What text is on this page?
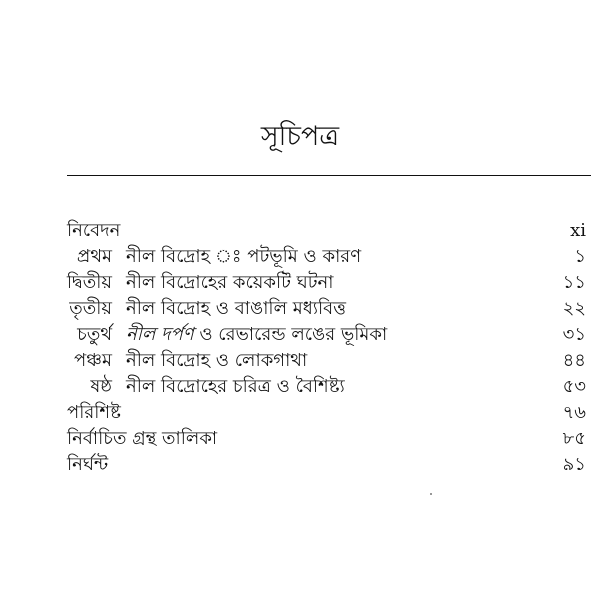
সূচিপত্র
নিবেদন	xi
প্রথম নীল বিদ্রোহ ঃ পটভূমি ও কারণ	১
দ্বিতীয় নীল বিদ্রোহের কয়েকটি ঘটনা	১১
তৃতীয় নীল বিদ্রোহ ও বাঙালি মধ্যবিত্ত	২২
চতুর্থ নীল দর্পণ ও রেভারেন্ড লঙের ভূমিকা	৩১
পঞ্চম নীল বিদ্রোহ ও লোকগাথা	৪৪
ষষ্ঠ নীল বিদ্রোহের চরিত্র ও বৈশিষ্ট্য	৫৩
পরিশিষ্ট	৭৬
নির্বাচিত গ্রন্থ তালিকা	৮৫
নির্ঘন্ট	৯১
